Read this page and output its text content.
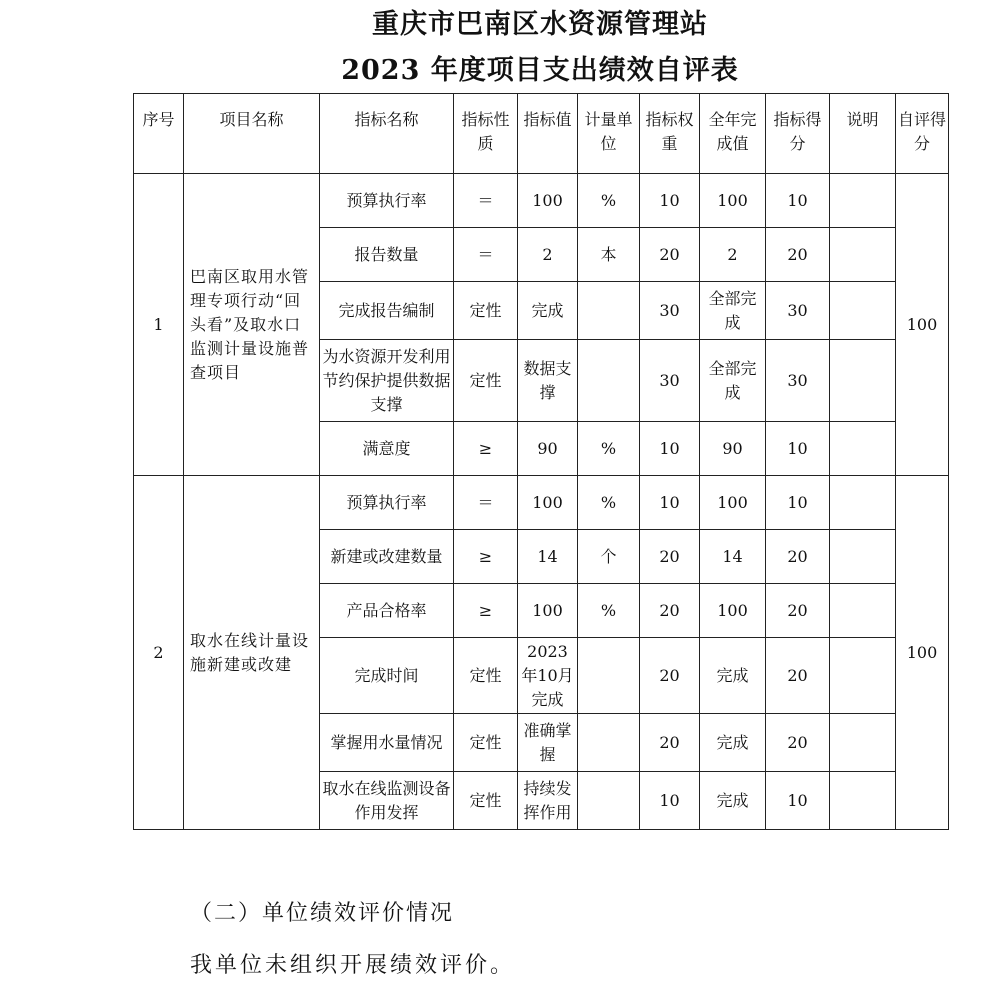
重庆市巴南区水资源管理站
2023 年度项目支出绩效自评表
序号	项目名称	指标名称	指标性质	指标值	计量单位	指标权重	全年完成值	指标得分	说明	自评得分
1	巴南区取用水管理专项行动“回头看”及取水口监测计量设施普查项目	预算执行率	＝	100	%	10	100	10		100
		报告数量	＝	2	本	20	2	20		
		完成报告编制	定性	完成		30	全部完成	30		
		为水资源开发利用节约保护提供数据支撑	定性	数据支撑		30	全部完成	30		
		满意度	≥	90	%	10	90	10		
2	取水在线计量设施新建或改建	预算执行率	＝	100	%	10	100	10		100
		新建或改建数量	≥	14	个	20	14	20		
		产品合格率	≥	100	%	20	100	20		
		完成时间	定性	2023年10月完成		20	完成	20		
		掌握用水量情况	定性	准确掌握		20	完成	20		
		取水在线监测设备作用发挥	定性	持续发挥作用		10	完成	10		
（二）单位绩效评价情况
我单位未组织开展绩效评价。
